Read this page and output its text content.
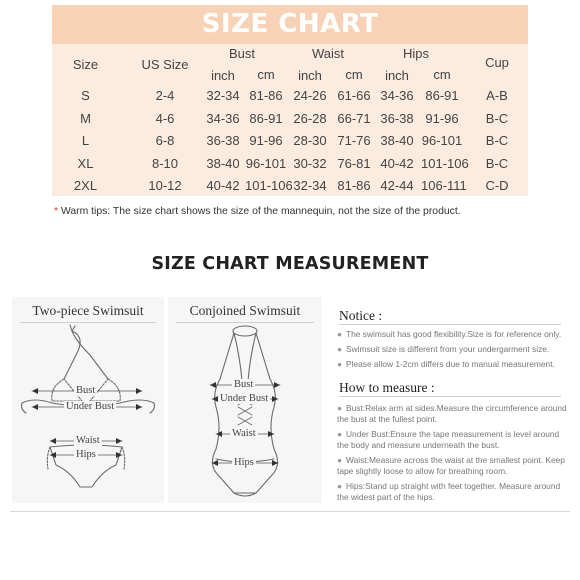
SIZE CHART
Size	US Size
Bust	Waist	Hips
Cup
inch	cm	inch	cm	inch	cm
S	2-4	32-34 81-86 24-26 61-66 34-36 86-91	A-B
M	4-6	34-36 86-91 26-28 66-71 36-38 91-96	B-C
L	6-8	36-38 91-96 28-30 71-76 38-40 96-101	B-C
XL	8-10	38-40 96-101 30-32 76-81 40-42 101-106	B-C
2XL	10-12	40-42 101-106 32-34 81-86 42-44 106-111	C-D
* Warm tips: The size chart shows the size of the mannequin, not the size of the product.
SIZE CHART MEASUREMENT
Two-piece Swimsuit
Bust
Under Bust
Waist
Hips
Conjoined Swimsuit
Bust
Under Bust
Waist
Hips
Notice :
● The swimsuit has good flexibility.Size is for reference only.
● Swimsuit size is different from your undergarment size.
● Please allow 1-2cm differs due to manual measurement.
How to measure :
● Bust:Relax arm at sides.Measure the circumference around the bust at the fullest point.
● Under Bust:Ensure the tape measurement is level around the body and measure underneath the bust.
● Waist:Measure across the waist at the smallest point. Keep tape slightly loose to allow for breathing room.
● Hips:Stand up straight with feet together. Measure around the widest part of the hips.
